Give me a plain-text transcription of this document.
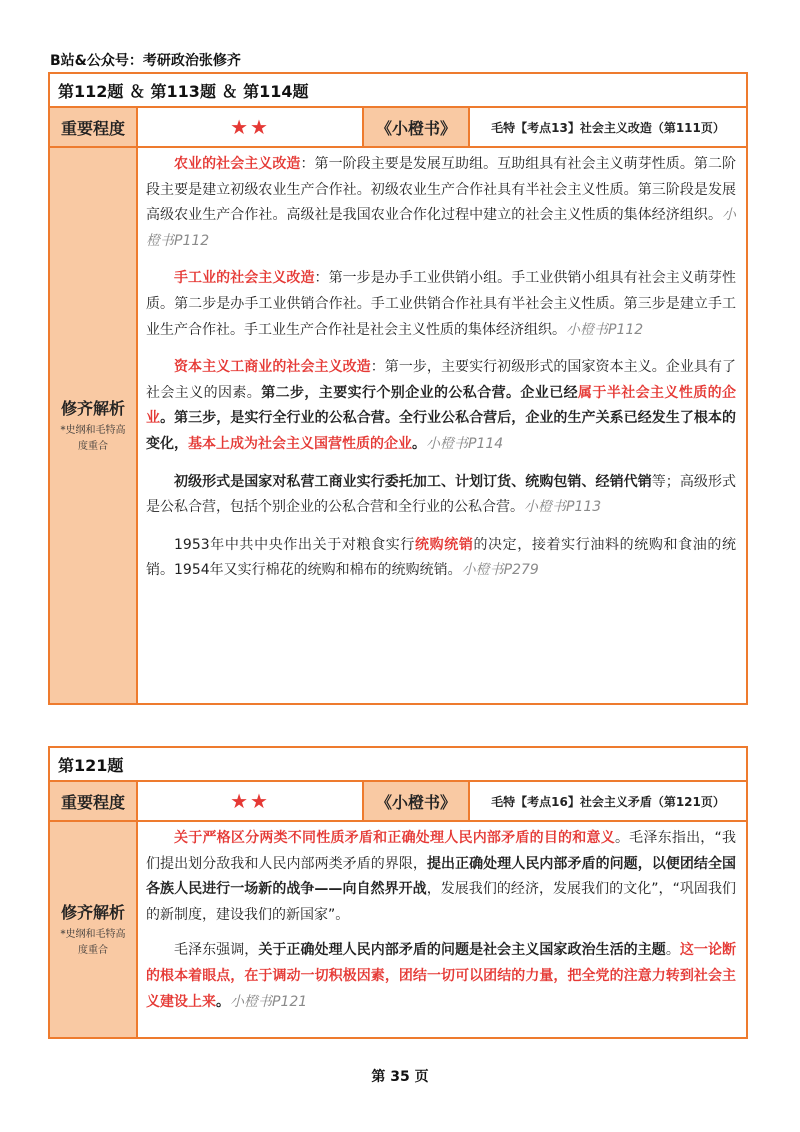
B站&公众号：考研政治张修齐
第112题 ＆ 第113题 ＆ 第114题
重要程度	★★	《小橙书》	毛特【考点13】社会主义改造（第111页）
修齐解析
*史纲和毛特高度重合

农业的社会主义改造：第一阶段主要是发展互助组。互助组具有社会主义萌芽性质。第二阶段主要是建立初级农业生产合作社。初级农业生产合作社具有半社会主义性质。第三阶段是发展高级农业生产合作社。高级社是我国农业合作化过程中建立的社会主义性质的集体经济组织。小橙书P112

手工业的社会主义改造：第一步是办手工业供销小组。手工业供销小组具有社会主义萌芽性质。第二步是办手工业供销合作社。手工业供销合作社具有半社会主义性质。第三步是建立手工业生产合作社。手工业生产合作社是社会主义性质的集体经济组织。小橙书P112

资本主义工商业的社会主义改造：第一步，主要实行初级形式的国家资本主义。企业具有了社会主义的因素。第二步，主要实行个别企业的公私合营。企业已经属于半社会主义性质的企业。第三步，是实行全行业的公私合营。全行业公私合营后，企业的生产关系已经发生了根本的变化，基本上成为社会主义国营性质的企业。小橙书P114

初级形式是国家对私营工商业实行委托加工、计划订货、统购包销、经销代销等；高级形式是公私合营，包括个别企业的公私合营和全行业的公私合营。小橙书P113

1953年中共中央作出关于对粮食实行统购统销的决定，接着实行油料的统购和食油的统销。1954年又实行棉花的统购和棉布的统购统销。小橙书P279

第121题
重要程度	★★	《小橙书》	毛特【考点16】社会主义矛盾（第121页）
修齐解析
*史纲和毛特高度重合

关于严格区分两类不同性质矛盾和正确处理人民内部矛盾的目的和意义。毛泽东指出，“我们提出划分敌我和人民内部两类矛盾的界限，提出正确处理人民内部矛盾的问题，以便团结全国各族人民进行一场新的战争——向自然界开战，发展我们的经济，发展我们的文化”，“巩固我们的新制度，建设我们的新国家”。

毛泽东强调，关于正确处理人民内部矛盾的问题是社会主义国家政治生活的主题。这一论断的根本着眼点，在于调动一切积极因素，团结一切可以团结的力量，把全党的注意力转到社会主义建设上来。小橙书P121

第 35 页
